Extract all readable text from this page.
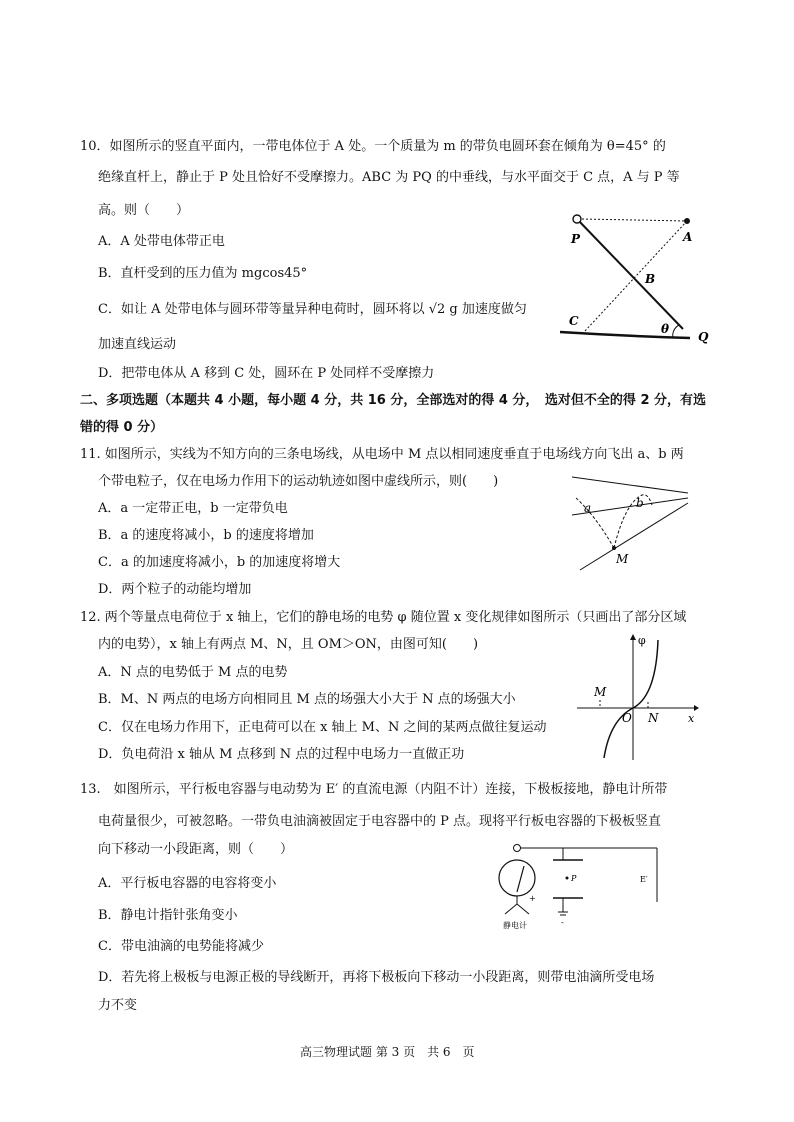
10．如图所示的竖直平面内，一带电体位于 A 处。一个质量为 m 的带负电圆环套在倾角为 θ=45° 的
绝缘直杆上，静止于 P 处且恰好不受摩擦力。ABC 为 PQ 的中垂线，与水平面交于 C 点，A 与 P 等
高。则（　　）
A．A 处带电体带正电
B．直杆受到的压力值为 mgcos45°
C．如让 A 处带电体与圆环带等量异种电荷时，圆环将以 √2 g 加速度做匀
加速直线运动
D．把带电体从 A 移到 C 处，圆环在 P 处同样不受摩擦力
P	A
B
C
θ
Q
二、多项选题（本题共 4 小题，每小题 4 分，共 16 分，全部选对的得 4 分，　选对但不全的得 2 分，有选
错的得 0 分）
11. 如图所示，实线为不知方向的三条电场线，从电场中 M 点以相同速度垂直于电场线方向飞出 a、b 两
个带电粒子，仅在电场力作用下的运动轨迹如图中虚线所示，则(　　)
A．a 一定带正电，b 一定带负电
B．a 的速度将减小，b 的速度将增加
C．a 的加速度将减小，b 的加速度将增大
D．两个粒子的动能均增加
a	b
M
12. 两个等量点电荷位于 x 轴上，它们的静电场的电势 φ 随位置 x 变化规律如图所示（只画出了部分区域
内的电势），x 轴上有两点 M、N，且 OM＞ON，由图可知(　　)
A．N 点的电势低于 M 点的电势
B．M、N 两点的电场方向相同且 M 点的场强大小大于 N 点的场强大小
C．仅在电场力作用下，正电荷可以在 x 轴上 M、N 之间的某两点做往复运动
D．负电荷沿 x 轴从 M 点移到 N 点的过程中电场力一直做正功
φ
M
O N	x
13.　如图所示，平行板电容器与电动势为 E′ 的直流电源（内阻不计）连接，下极板接地，静电计所带
电荷量很少，可被忽略。一带负电油滴被固定于电容器中的 P 点。现将平行板电容器的下极板竖直
向下移动一小段距离，则（　　）
A．平行板电容器的电容将变小
B．静电计指针张角变小
C．带电油滴的电势能将减少
D．若先将上极板与电源正极的导线断开，再将下极板向下移动一小段距离，则带电油滴所受电场
力不变
静电计
P	E′
+
-
高三物理试题 第 3 页　共 6　页
